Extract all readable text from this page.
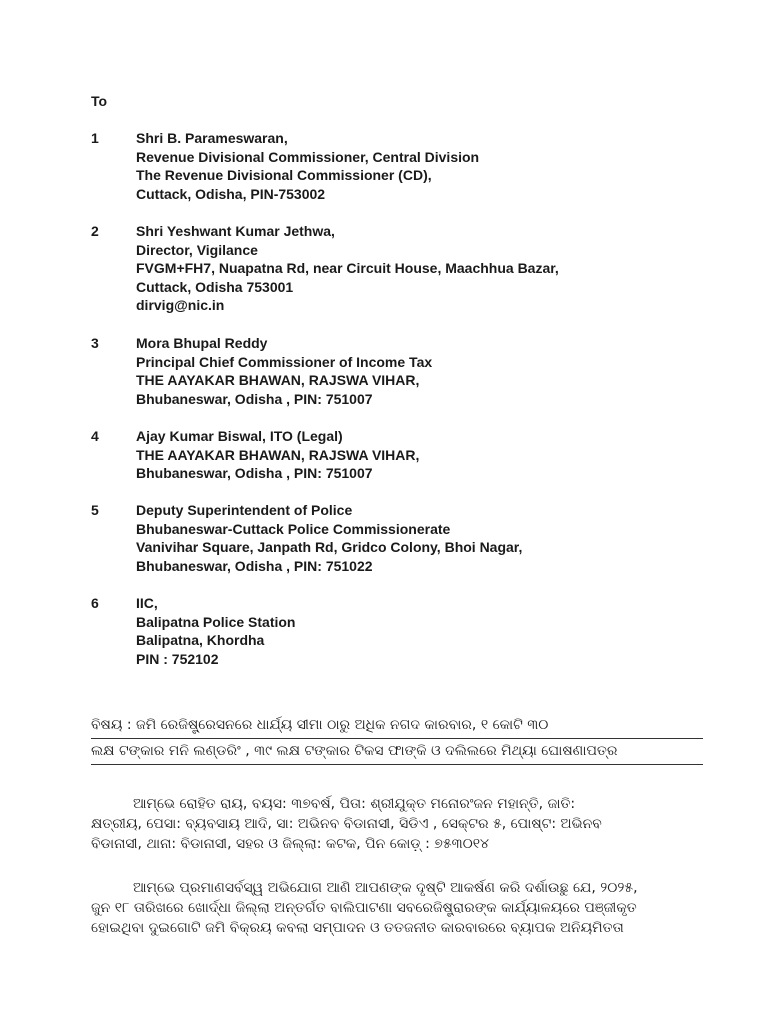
To
1	Shri B. Parameswaran,
Revenue Divisional Commissioner, Central Division
The Revenue Divisional Commissioner (CD),
Cuttack, Odisha, PIN-753002
2	Shri Yeshwant Kumar Jethwa,
Director, Vigilance
FVGM+FH7, Nuapatna Rd, near Circuit House, Maachhua Bazar,
Cuttack, Odisha 753001
dirvig@nic.in
3	Mora Bhupal Reddy
Principal Chief Commissioner of Income Tax
THE AAYAKAR BHAWAN, RAJSWA VIHAR,
Bhubaneswar, Odisha , PIN: 751007
4	Ajay Kumar Biswal, ITO (Legal)
THE AAYAKAR BHAWAN, RAJSWA VIHAR,
Bhubaneswar, Odisha , PIN: 751007
5	Deputy Superintendent of Police
Bhubaneswar-Cuttack Police Commissionerate
Vanivihar Square, Janpath Rd, Gridco Colony, Bhoi Nagar,
Bhubaneswar, Odisha , PIN: 751022
6	IIC,
Balipatna Police Station
Balipatna, Khordha
PIN : 752102
ବିଷୟ : ଜମି ରେଜିଷ୍ଟ୍ରେସନରେ ଧାର୍ଯ୍ୟ ସୀମା ଠାରୁ ଅଧିକ ନଗଦ କାରବାର, ୧ କୋଟି ୩୦
ଲକ୍ଷ ଟଙ୍କାର ମନି ଲଣ୍ଡରିଂ , ୩୯ ଲକ୍ଷ ଟଙ୍କାର ଟିକସ ଫାଙ୍କି ଓ ଦଲିଲରେ ମିଥ୍ୟା ଘୋଷଣାପତ୍ର
ଆମ୍ଭେ ରୋହିତ ରାୟ, ବୟସ: ୩୭ବର୍ଷ, ପିତା: ଶ୍ରୀଯୁକ୍ତ ମନୋରଂଜନ ମହାନ୍ତି, ଜାତି:
କ୍ଷତ୍ରୀୟ, ପେସା: ବ୍ୟବସାୟ ଆଦି, ସା: ଅଭିନବ ବିଡାନାସୀ, ସିଡିଏ , ସେକ୍ଟର ୫, ପୋଷ୍ଟ: ଅଭିନବ
ବିଡାନାସୀ, ଥାନା: ବିଡାନାସୀ, ସହର ଓ ଜିଲ୍ଲା: କଟକ, ପିନ କୋଡ଼୍ : ୭୫୩୦୧୪
ଆମ୍ଭେ ପ୍ରମାଣସର୍ବସ୍ୱ ଅଭିଯୋଗ ଆଣି ଆପଣଙ୍କ ଦୃଷ୍ଟି ଆକର୍ଷଣ କରି ଦର୍ଶାଉଛୁ ଯେ, ୨୦୨୫,
ଜୁନ ୧୮ ତାରିଖରେ ଖୋର୍ଦ୍ଧା ଜିଲ୍ଲା ଅନ୍ତର୍ଗତ ବାଲିପାଟଣା ସବରେଜିଷ୍ଟ୍ରାରଙ୍କ କାର୍ଯ୍ୟାଳୟରେ ପଞ୍ଜୀକୃତ
ହୋଇଥିବା ଦୁଇଗୋଟି ଜମି ବିକ୍ରୟ କବଲା ସମ୍ପାଦନ ଓ ତତଜନୀତ କାରବାରରେ ବ୍ୟାପକ ଅନିୟମିତତା
